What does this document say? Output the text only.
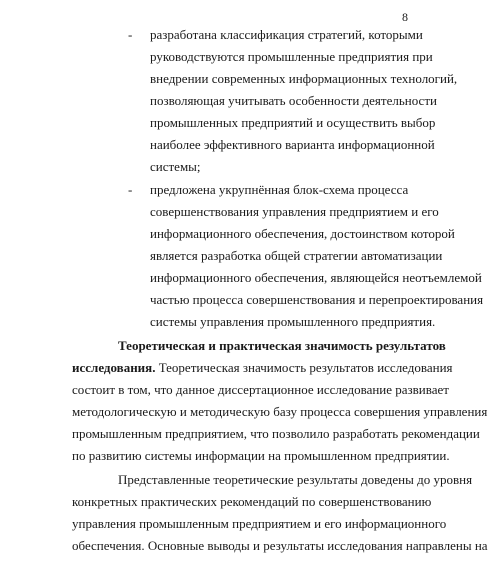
8
- разработана классификация стратегий, которыми
руководствуются промышленные предприятия при
внедрении современных информационных технологий,
позволяющая учитывать особенности деятельности
промышленных предприятий и осуществить выбор
наиболее эффективного варианта информационной
системы;
- предложена укрупнённая блок-схема процесса
совершенствования управления предприятием и его
информационного обеспечения, достоинством которой
является разработка общей стратегии автоматизации
информационного обеспечения, являющейся неотъемлемой
частью процесса совершенствования и перепроектирования
системы управления промышленного предприятия.
Теоретическая и практическая значимость результатов
исследования. Теоретическая значимость результатов исследования
состоит в том, что данное диссертационное исследование развивает
методологическую и методическую базу процесса совершения управления
промышленным предприятием, что позволило разработать рекомендации
по развитию системы информации на промышленном предприятии.
Представленные теоретические результаты доведены до уровня
конкретных практических рекомендаций по совершенствованию
управления промышленным предприятием и его информационного
обеспечения. Основные выводы и результаты исследования направлены на
